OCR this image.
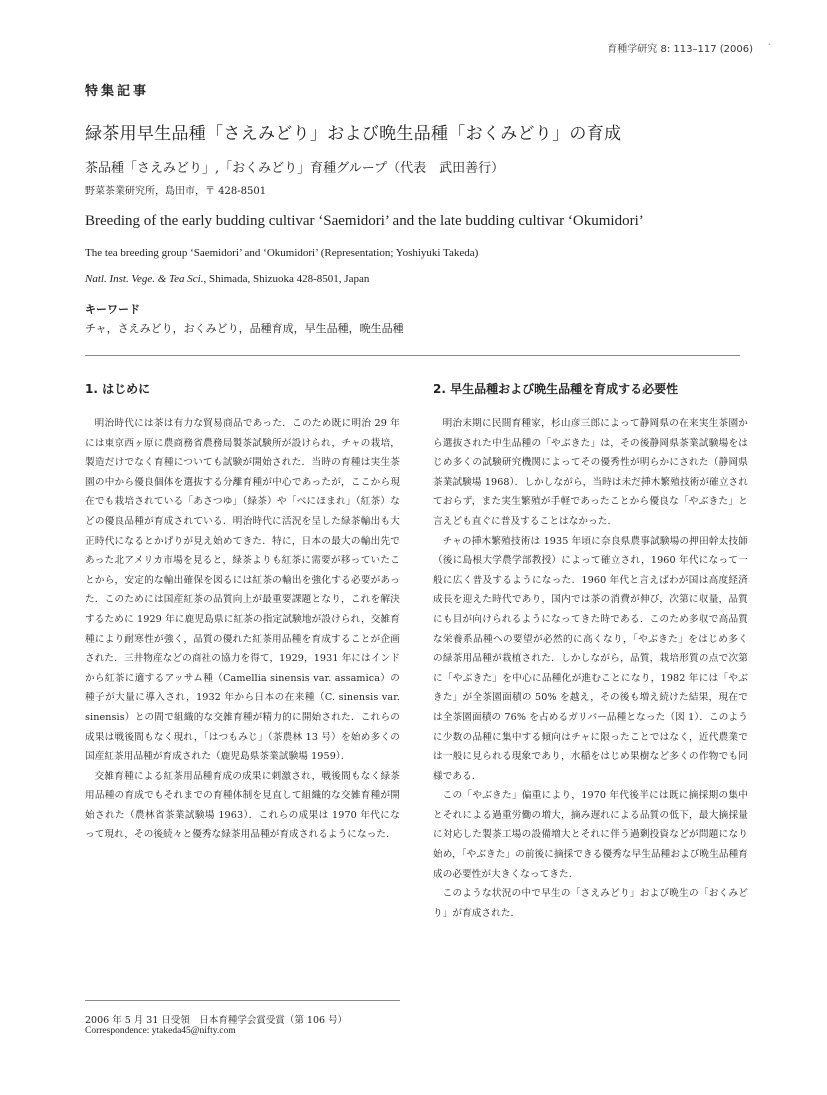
育種学研究 8: 113–117 (2006) ·
特集記事
緑茶用早生品種「さえみどり」および晩生品種「おくみどり」の育成
茶品種「さえみどり」,「おくみどり」育種グループ（代表　武田善行）
野菜茶業研究所，島田市，〒 428-8501
Breeding of the early budding cultivar ‘Saemidori’ and the late budding cultivar ‘Okumidori’
The tea breeding group ‘Saemidori’ and ‘Okumidori’ (Representation; Yoshiyuki Takeda)
Natl. Inst. Vege. & Tea Sci., Shimada, Shizuoka 428-8501, Japan
キーワード
チャ，さえみどり，おくみどり，品種育成，早生品種，晩生品種
1. はじめに

明治時代には茶は有力な貿易商品であった．このため既に明治 29 年には東京西ヶ原に農商務省農務局製茶試験所が設けられ，チャの栽培，製造だけでなく育種についても試験が開始された．当時の育種は実生茶園の中から優良個体を選抜する分離育種が中心であったが，ここから現在でも栽培されている「あさつゆ」（緑茶）や「べにほまれ」（紅茶）などの優良品種が育成されている．明治時代に活況を呈した緑茶輸出も大正時代になるとかげりが見え始めてきた．特に，日本の最大の輸出先であった北アメリカ市場を見ると，緑茶よりも紅茶に需要が移っていたことから，安定的な輸出確保を図るには紅茶の輸出を強化する必要があった．このためには国産紅茶の品質向上が最重要課題となり，これを解決するために 1929 年に鹿児島県に紅茶の指定試験地が設けられ，交雑育種により耐寒性が強く，品質の優れた紅茶用品種を育成することが企画された．三井物産などの商社の協力を得て，1929，1931 年にはインドから紅茶に適するアッサム種（Camellia sinensis var. assamica）の種子が大量に導入され，1932 年から日本の在来種（C. sinensis var. sinensis）との間で組織的な交雑育種が精力的に開始された．これらの成果は戦後間もなく現れ，「はつもみじ」（茶農林 13 号）を始め多くの国産紅茶用品種が育成された（鹿児島県茶業試験場 1959）．

交雑育種による紅茶用品種育成の成果に刺激され，戦後間もなく緑茶用品種の育成でもそれまでの育種体制を見直して組織的な交雑育種が開始された（農林省茶業試験場 1963）．これらの成果は 1970 年代になって現れ，その後続々と優秀な緑茶用品種が育成されるようになった．

2. 早生品種および晩生品種を育成する必要性

明治末期に民間育種家，杉山彦三郎によって静岡県の在来実生茶園から選抜された中生品種の「やぶきた」は，その後静岡県茶業試験場をはじめ多くの試験研究機関によってその優秀性が明らかにされた（静岡県茶業試験場 1968）．しかしながら，当時は未だ挿木繁殖技術が確立されておらず，また実生繁殖が手軽であったことから優良な「やぶきた」と言えども直ぐに普及することはなかった．

チャの挿木繁殖技術は 1935 年頃に奈良県農事試験場の押田幹太技師（後に島根大学農学部教授）によって確立され，1960 年代になって一般に広く普及するようになった．1960 年代と言えばわが国は高度経済成長を迎えた時代であり，国内では茶の消費が伸び，次第に収量，品質にも目が向けられるようになってきた時である．このため多収で高品質な栄養系品種への要望が必然的に高くなり，「やぶきた」をはじめ多くの緑茶用品種が栽植された．しかしながら，品質，栽培形質の点で次第に「やぶきた」を中心に品種化が進むことになり，1982 年には「やぶきた」が全茶園面積の 50% を越え，その後も増え続けた結果，現在では全茶園面積の 76% を占めるガリバー品種となった（図 1）．このように少数の品種に集中する傾向はチャに限ったことではなく，近代農業では一般に見られる現象であり，水稲をはじめ果樹など多くの作物でも同様である．

この「やぶきた」偏重により，1970 年代後半には既に摘採期の集中とそれによる過重労働の増大，摘み遅れによる品質の低下，最大摘採量に対応した製茶工場の設備増大とそれに伴う過剰投資などが問題になり始め，「やぶきた」の前後に摘採できる優秀な早生品種および晩生品種育成の必要性が大きくなってきた．

このような状況の中で早生の「さえみどり」および晩生の「おくみどり」が育成された．

2006 年 5 月 31 日受領　日本育種学会賞受賞（第 106 号）
Correspondence: ytakeda45@nifty.com
